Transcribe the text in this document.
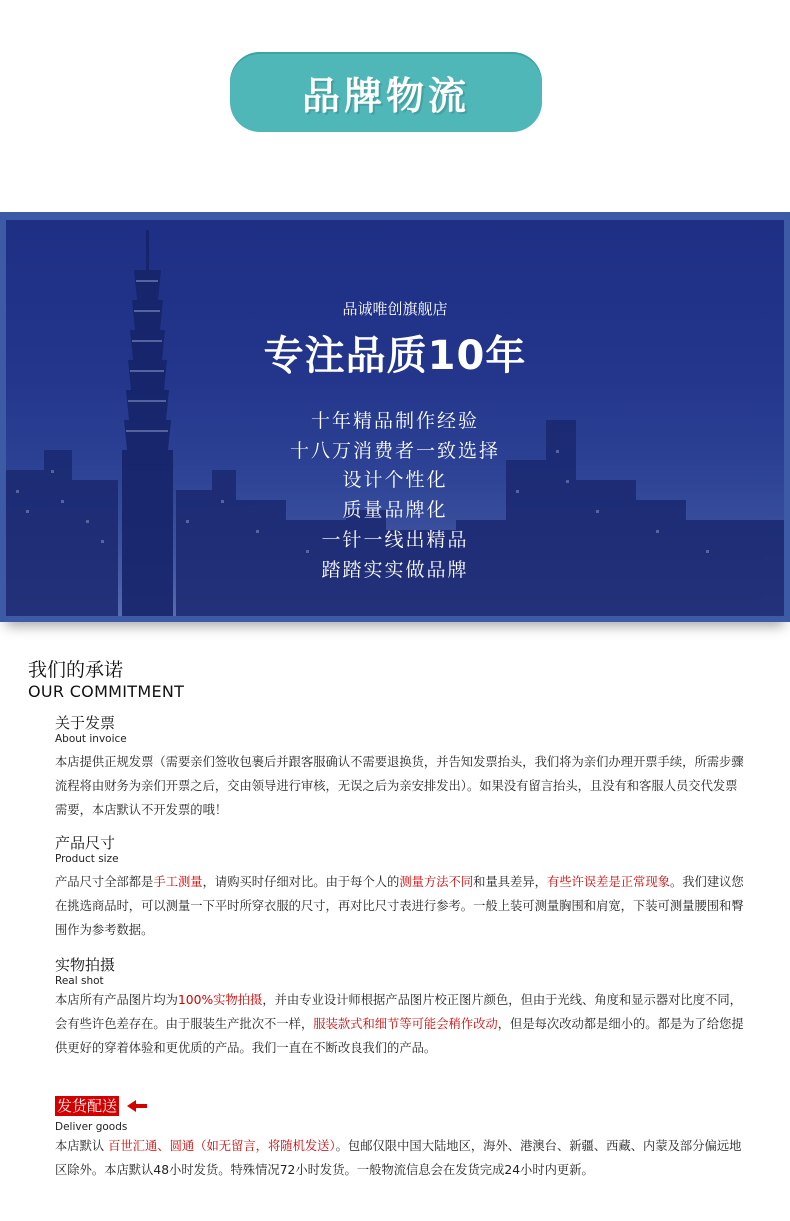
品牌物流
品诚唯创旗舰店
专注品质10年
十年精品制作经验
十八万消费者一致选择
设计个性化
质量品牌化
一针一线出精品
踏踏实实做品牌
我们的承诺
OUR COMMITMENT
关于发票
About invoice

本店提供正规发票（需要亲们签收包裹后并跟客服确认不需要退换货，并告知发票抬头，我们将为亲们办理开票手续，所需步骤流程将由财务为亲们开票之后，交由领导进行审核，无误之后为亲安排发出）。如果没有留言抬头，且没有和客服人员交代发票需要，本店默认不开发票的哦！

产品尺寸
Product size

产品尺寸全部都是手工测量，请购买时仔细对比。由于每个人的测量方法不同和量具差异，有些许误差是正常现象。我们建议您在挑选商品时，可以测量一下平时所穿衣服的尺寸，再对比尺寸表进行参考。一般上装可测量胸围和肩宽，下装可测量腰围和臀围作为参考数据。

实物拍摄
Real shot

本店所有产品图片均为100%实物拍摄，并由专业设计师根据产品图片校正图片颜色，但由于光线、角度和显示器对比度不同，会有些许色差存在。由于服装生产批次不一样，服装款式和细节等可能会稍作改动，但是每次改动都是细小的。都是为了给您提供更好的穿着体验和更优质的产品。我们一直在不断改良我们的产品。

发货配送
Deliver goods

本店默认 百世汇通、圆通（如无留言，将随机发送）。包邮仅限中国大陆地区，海外、港澳台、新疆、西藏、内蒙及部分偏远地区除外。本店默认48小时发货。特殊情况72小时发货。一般物流信息会在发货完成24小时内更新。
